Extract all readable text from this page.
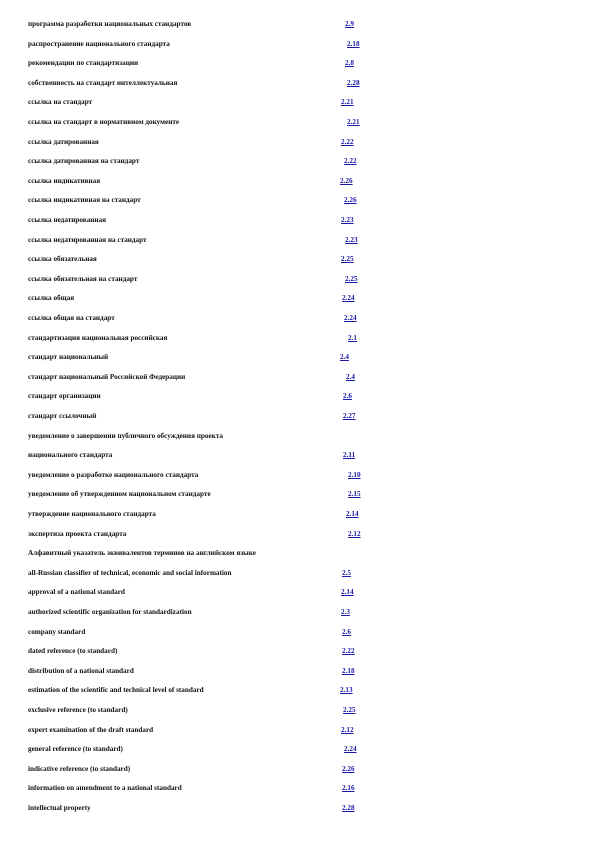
программа разработки национальных стандартов	2.9
распространение национального стандарта	2.18
рекомендации по стандартизации	2.8
собственность на стандарт интеллектуальная	2.28
ссылка на стандарт	2.21
ссылка на стандарт в нормативном документе	2.21
ссылка датированная	2.22
ссылка датированная на стандарт	2.22
ссылка индикативная	2.26
ссылка индикативная на стандарт	2.26
ссылка недатированная	2.23
ссылка недатированная на стандарт	2.23
ссылка обязательная	2.25
ссылка обязательная на стандарт	2.25
ссылка общая	2.24
ссылка общая на стандарт	2.24
стандартизация национальная российская	2.1
стандарт национальный	2.4
стандарт национальный Российской Федерации	2.4
стандарт организации	2.6
стандарт ссылочный	2.27
уведомление о завершении публичного обсуждения проекта
национального стандарта	2.11
уведомление о разработке национального стандарта	2.10
уведомление об утвержденном национальном стандарте	2.15
утверждение национального стандарта	2.14
экспертиза проекта стандарта	2.12
Алфавитный указатель эквивалентов терминов на английском языке
all-Russian classifier of technical, economic and social information	2.5
approval of a national standard	2.14
authorized scientific organization for standardization	2.3
company standard	2.6
dated reference (to standard)	2.22
distribution of a national standard	2.18
estimation of the scientific and technical level of standard	2.13
exclusive reference (to standard)	2.25
expert examination of the draft standard	2.12
general reference (to standard)	2.24
indicative reference (to standard)	2.26
information on amendment to a national standard	2.16
intellectual property	2.28
